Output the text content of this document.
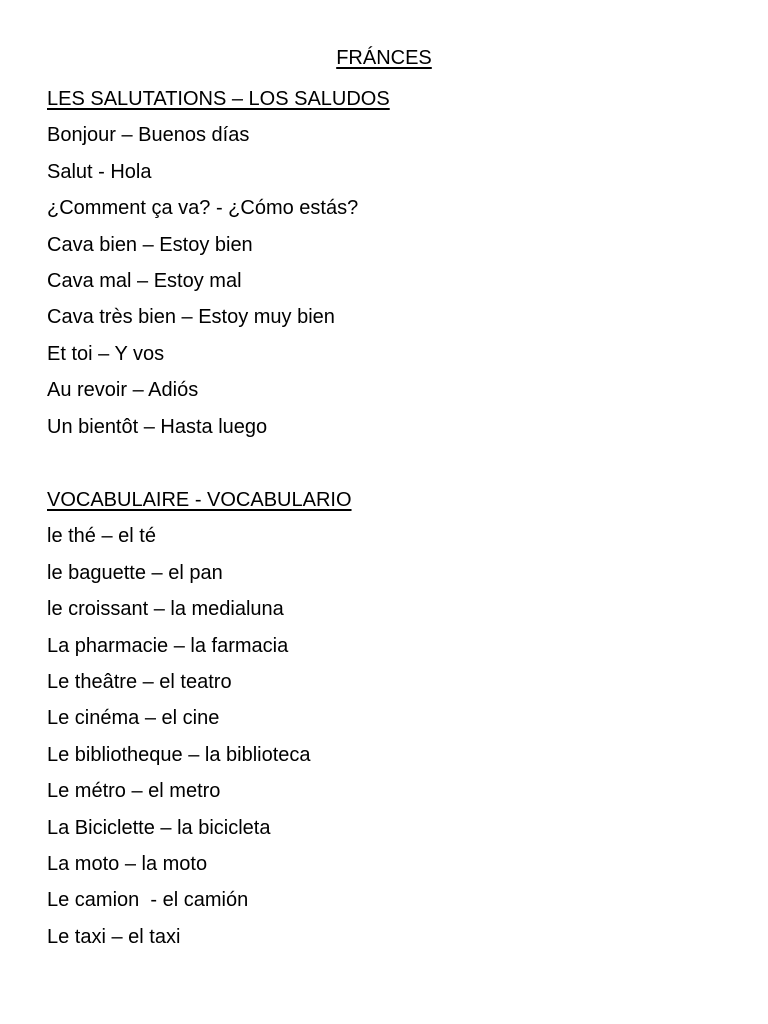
FRÁNCES
LES SALUTATIONS – LOS SALUDOS
Bonjour – Buenos días
Salut - Hola
¿Comment ça va? - ¿Cómo estás?
Cava bien – Estoy bien
Cava mal – Estoy mal
Cava très bien – Estoy muy bien
Et toi – Y vos
Au revoir – Adiós
Un bientôt – Hasta luego
VOCABULAIRE - VOCABULARIO
le thé – el té
le baguette – el pan
le croissant – la medialuna
La pharmacie – la farmacia
Le theâtre – el teatro
Le cinéma – el cine
Le bibliotheque – la biblioteca
Le métro – el metro
La Biciclette – la bicicleta
La moto – la moto
Le camion  - el camión
Le taxi – el taxi
